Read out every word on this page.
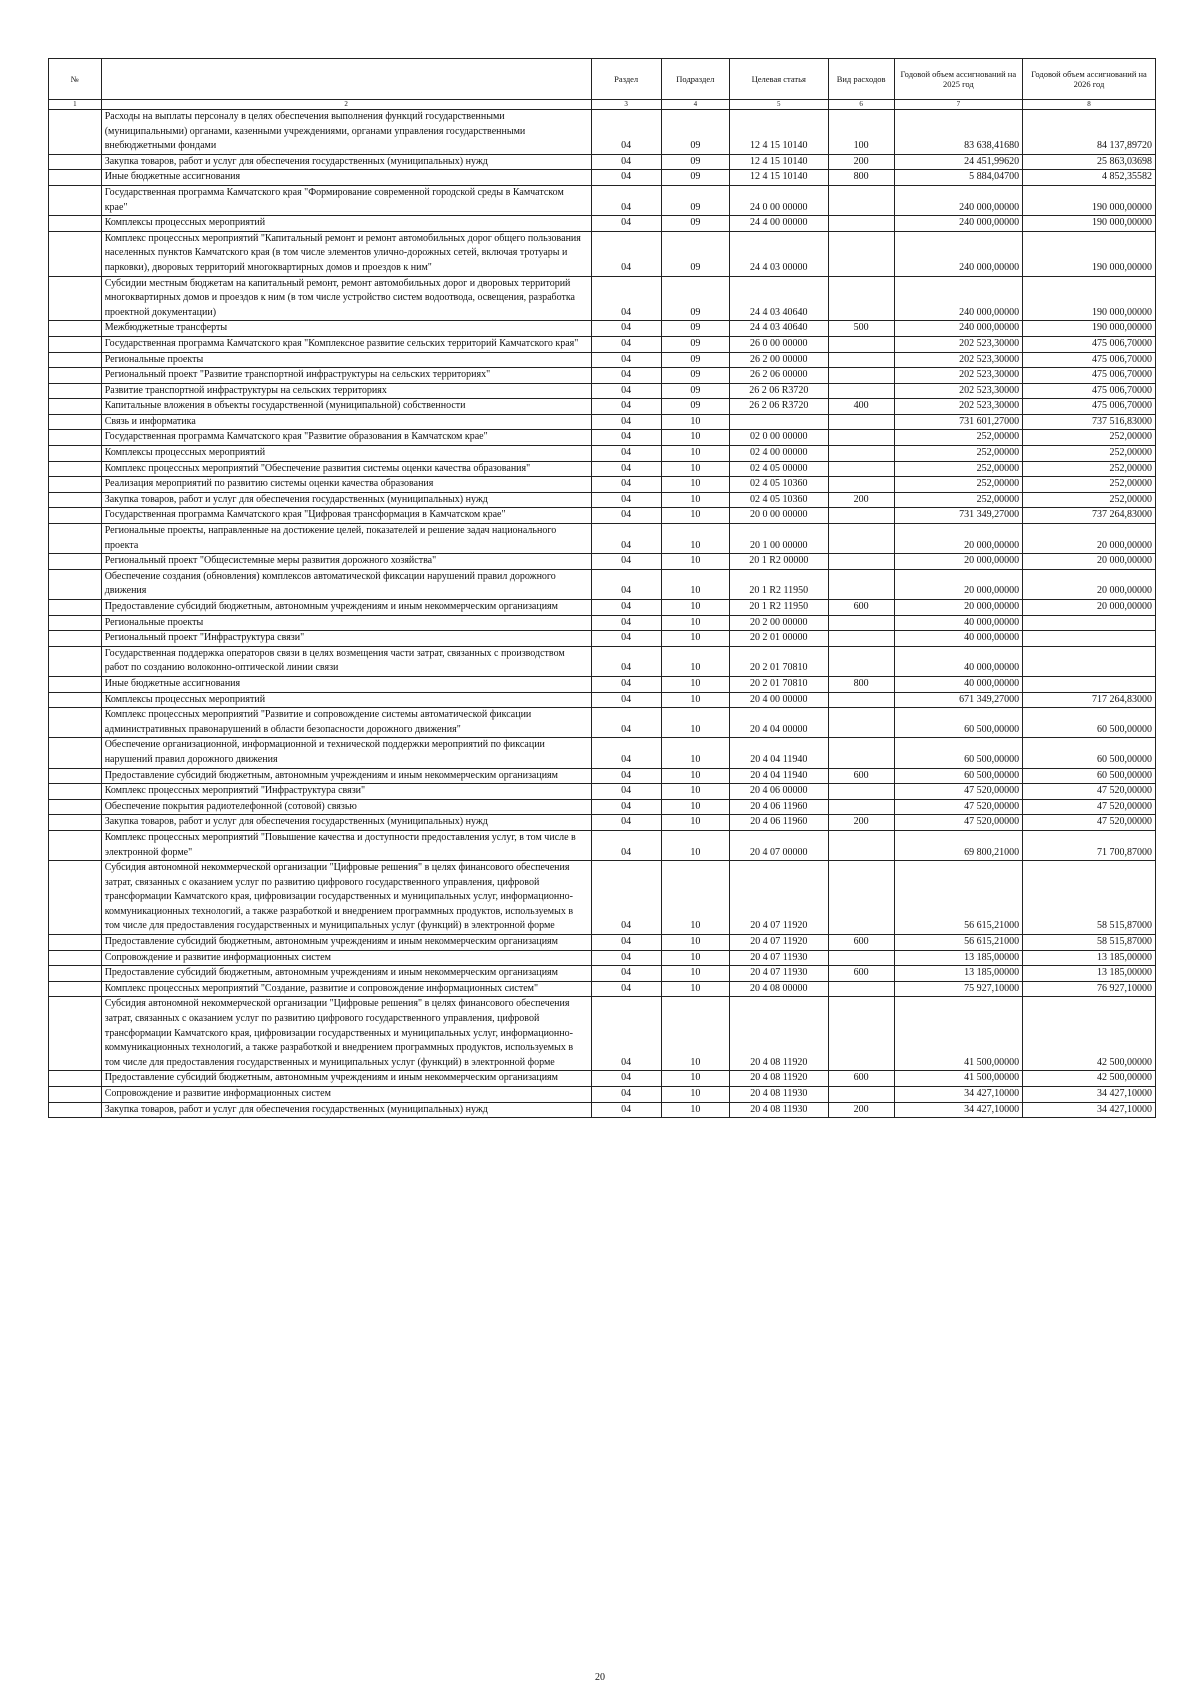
№		Раздел	Подраздел	Целевая статья	Вид расходов	Годовой объем ассигнований на 2025 год	Годовой объем ассигнований на 2026 год
1	2	3	4	5	6	7	8
	Расходы на выплаты персоналу в целях обеспечения выполнения функций государственными (муниципальными) органами, казенными учреждениями, органами управления государственными внебюджетными фондами	04	09	12 4 15 10140	100	83 638,41680	84 137,89720
	Закупка товаров, работ и услуг для обеспечения государственных (муниципальных) нужд	04	09	12 4 15 10140	200	24 451,99620	25 863,03698
	Иные бюджетные ассигнования	04	09	12 4 15 10140	800	5 884,04700	4 852,35582
	Государственная программа Камчатского края "Формирование современной городской среды в Камчатском крае"	04	09	24 0 00 00000		240 000,00000	190 000,00000
	Комплексы процессных мероприятий	04	09	24 4 00 00000		240 000,00000	190 000,00000
	Комплекс процессных мероприятий "Капитальный ремонт и ремонт автомобильных дорог общего пользования населенных пунктов Камчатского края (в том числе элементов улично-дорожных сетей, включая тротуары и парковки), дворовых территорий многоквартирных домов и проездов к ним"	04	09	24 4 03 00000		240 000,00000	190 000,00000
	Субсидии местным бюджетам на капитальный ремонт, ремонт автомобильных дорог и дворовых территорий многоквартирных домов и проездов к ним (в том числе устройство систем водоотвода, освещения, разработка проектной документации)	04	09	24 4 03 40640		240 000,00000	190 000,00000
	Межбюджетные трансферты	04	09	24 4 03 40640	500	240 000,00000	190 000,00000
	Государственная программа Камчатского края "Комплексное развитие сельских территорий Камчатского края"	04	09	26 0 00 00000		202 523,30000	475 006,70000
	Региональные проекты	04	09	26 2 00 00000		202 523,30000	475 006,70000
	Региональный проект "Развитие транспортной инфраструктуры на сельских территориях"	04	09	26 2 06 00000		202 523,30000	475 006,70000
	Развитие транспортной инфраструктуры на сельских территориях	04	09	26 2 06 R3720		202 523,30000	475 006,70000
	Капитальные вложения в объекты государственной (муниципальной) собственности	04	09	26 2 06 R3720	400	202 523,30000	475 006,70000
	Связь и информатика	04	10			731 601,27000	737 516,83000
	Государственная программа Камчатского края "Развитие образования в Камчатском крае"	04	10	02 0 00 00000		252,00000	252,00000
	Комплексы процессных мероприятий	04	10	02 4 00 00000		252,00000	252,00000
	Комплекс процессных мероприятий "Обеспечение развития системы оценки качества образования"	04	10	02 4 05 00000		252,00000	252,00000
	Реализация мероприятий по развитию системы оценки качества образования	04	10	02 4 05 10360		252,00000	252,00000
	Закупка товаров, работ и услуг для обеспечения государственных (муниципальных) нужд	04	10	02 4 05 10360	200	252,00000	252,00000
	Государственная программа Камчатского края "Цифровая трансформация в Камчатском крае"	04	10	20 0 00 00000		731 349,27000	737 264,83000
	Региональные проекты, направленные на достижение целей, показателей и решение задач национального проекта	04	10	20 1 00 00000		20 000,00000	20 000,00000
	Региональный проект "Общесистемные меры развития дорожного хозяйства"	04	10	20 1 R2 00000		20 000,00000	20 000,00000
	Обеспечение создания (обновления) комплексов автоматической фиксации нарушений правил дорожного движения	04	10	20 1 R2 11950		20 000,00000	20 000,00000
	Предоставление субсидий бюджетным, автономным учреждениям и иным некоммерческим организациям	04	10	20 1 R2 11950	600	20 000,00000	20 000,00000
	Региональные проекты	04	10	20 2 00 00000		40 000,00000	
	Региональный проект "Инфраструктура связи"	04	10	20 2 01 00000		40 000,00000	
	Государственная поддержка операторов связи в целях возмещения части затрат, связанных с производством работ по созданию волоконно-оптической линии связи	04	10	20 2 01 70810		40 000,00000	
	Иные бюджетные ассигнования	04	10	20 2 01 70810	800	40 000,00000	
	Комплексы процессных мероприятий	04	10	20 4 00 00000		671 349,27000	717 264,83000
	Комплекс процессных мероприятий "Развитие и сопровождение системы автоматической фиксации административных правонарушений в области безопасности дорожного движения"	04	10	20 4 04 00000		60 500,00000	60 500,00000
	Обеспечение организационной, информационной и технической поддержки мероприятий по фиксации нарушений правил дорожного движения	04	10	20 4 04 11940		60 500,00000	60 500,00000
	Предоставление субсидий бюджетным, автономным учреждениям и иным некоммерческим организациям	04	10	20 4 04 11940	600	60 500,00000	60 500,00000
	Комплекс процессных мероприятий "Инфраструктура связи"	04	10	20 4 06 00000		47 520,00000	47 520,00000
	Обеспечение покрытия радиотелефонной (сотовой) связью	04	10	20 4 06 11960		47 520,00000	47 520,00000
	Закупка товаров, работ и услуг для обеспечения государственных (муниципальных) нужд	04	10	20 4 06 11960	200	47 520,00000	47 520,00000
	Комплекс процессных мероприятий "Повышение качества и доступности предоставления услуг, в том числе в электронной форме"	04	10	20 4 07 00000		69 800,21000	71 700,87000
	Субсидия автономной некоммерческой организации "Цифровые решения" в целях финансового обеспечения затрат, связанных с оказанием услуг по развитию цифрового государственного управления, цифровой трансформации Камчатского края, цифровизации государственных и муниципальных услуг, информационно-коммуникационных технологий, а также разработкой и внедрением программных продуктов, используемых в том числе для предоставления государственных и муниципальных услуг (функций) в электронной форме	04	10	20 4 07 11920		56 615,21000	58 515,87000
	Предоставление субсидий бюджетным, автономным учреждениям и иным некоммерческим организациям	04	10	20 4 07 11920	600	56 615,21000	58 515,87000
	Сопровождение и развитие информационных систем	04	10	20 4 07 11930		13 185,00000	13 185,00000
	Предоставление субсидий бюджетным, автономным учреждениям и иным некоммерческим организациям	04	10	20 4 07 11930	600	13 185,00000	13 185,00000
	Комплекс процессных мероприятий "Создание, развитие и сопровождение информационных систем"	04	10	20 4 08 00000		75 927,10000	76 927,10000
	Субсидия автономной некоммерческой организации "Цифровые решения" в целях финансового обеспечения затрат, связанных с оказанием услуг по развитию цифрового государственного управления, цифровой трансформации Камчатского края, цифровизации государственных и муниципальных услуг, информационно-коммуникационных технологий, а также разработкой и внедрением программных продуктов, используемых в том числе для предоставления государственных и муниципальных услуг (функций) в электронной форме	04	10	20 4 08 11920		41 500,00000	42 500,00000
	Предоставление субсидий бюджетным, автономным учреждениям и иным некоммерческим организациям	04	10	20 4 08 11920	600	41 500,00000	42 500,00000
	Сопровождение и развитие информационных систем	04	10	20 4 08 11930		34 427,10000	34 427,10000
	Закупка товаров, работ и услуг для обеспечения государственных (муниципальных) нужд	04	10	20 4 08 11930	200	34 427,10000	34 427,10000
20
